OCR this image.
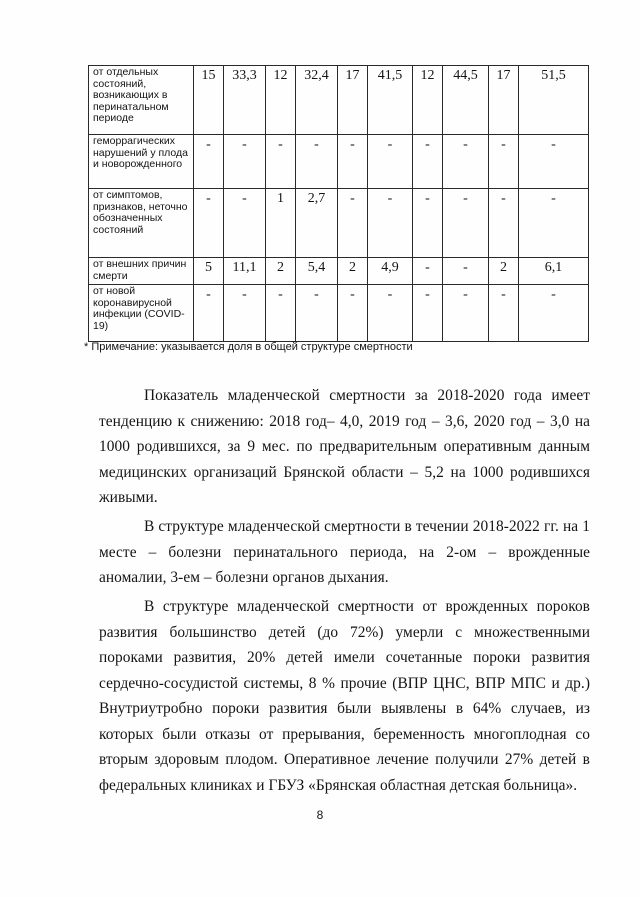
от отдельных состояний, возникающих в перинатальном периоде	15	33,3	12	32,4	17	41,5	12	44,5	17	51,5
геморрагических нарушений у плода и новорожденного	-	-	-	-	-	-	-	-	-	-
от симптомов, признаков, неточно обозначенных состояний	-	-	1	2,7	-	-	-	-	-	-
от внешних причин смерти	5	11,1	2	5,4	2	4,9	-	-	2	6,1
от новой коронавирусной инфекции (COVID-19)	-	-	-	-	-	-	-	-	-	-
* Примечание: указывается доля в общей структуре смертности

Показатель младенческой смертности за 2018-2020 года имеет тенденцию к снижению: 2018 год– 4,0, 2019 год – 3,6, 2020 год – 3,0 на 1000 родившихся, за 9 мес. по предварительным оперативным данным медицинских организаций Брянской области – 5,2 на 1000 родившихся живыми.

В структуре младенческой смертности в течении 2018-2022 гг. на 1 месте – болезни перинатального периода, на 2-ом – врожденные аномалии, 3-ем – болезни органов дыхания.

В структуре младенческой смертности от врожденных пороков развития большинство детей (до 72%) умерли с множественными пороками развития, 20% детей имели сочетанные пороки развития сердечно-сосудистой системы, 8 % прочие (ВПР ЦНС, ВПР МПС и др.) Внутриутробно пороки развития были выявлены в 64% случаев, из которых были отказы от прерывания, беременность многоплодная со вторым здоровым плодом. Оперативное лечение получили 27% детей в федеральных клиниках и ГБУЗ «Брянская областная детская больница».

8
